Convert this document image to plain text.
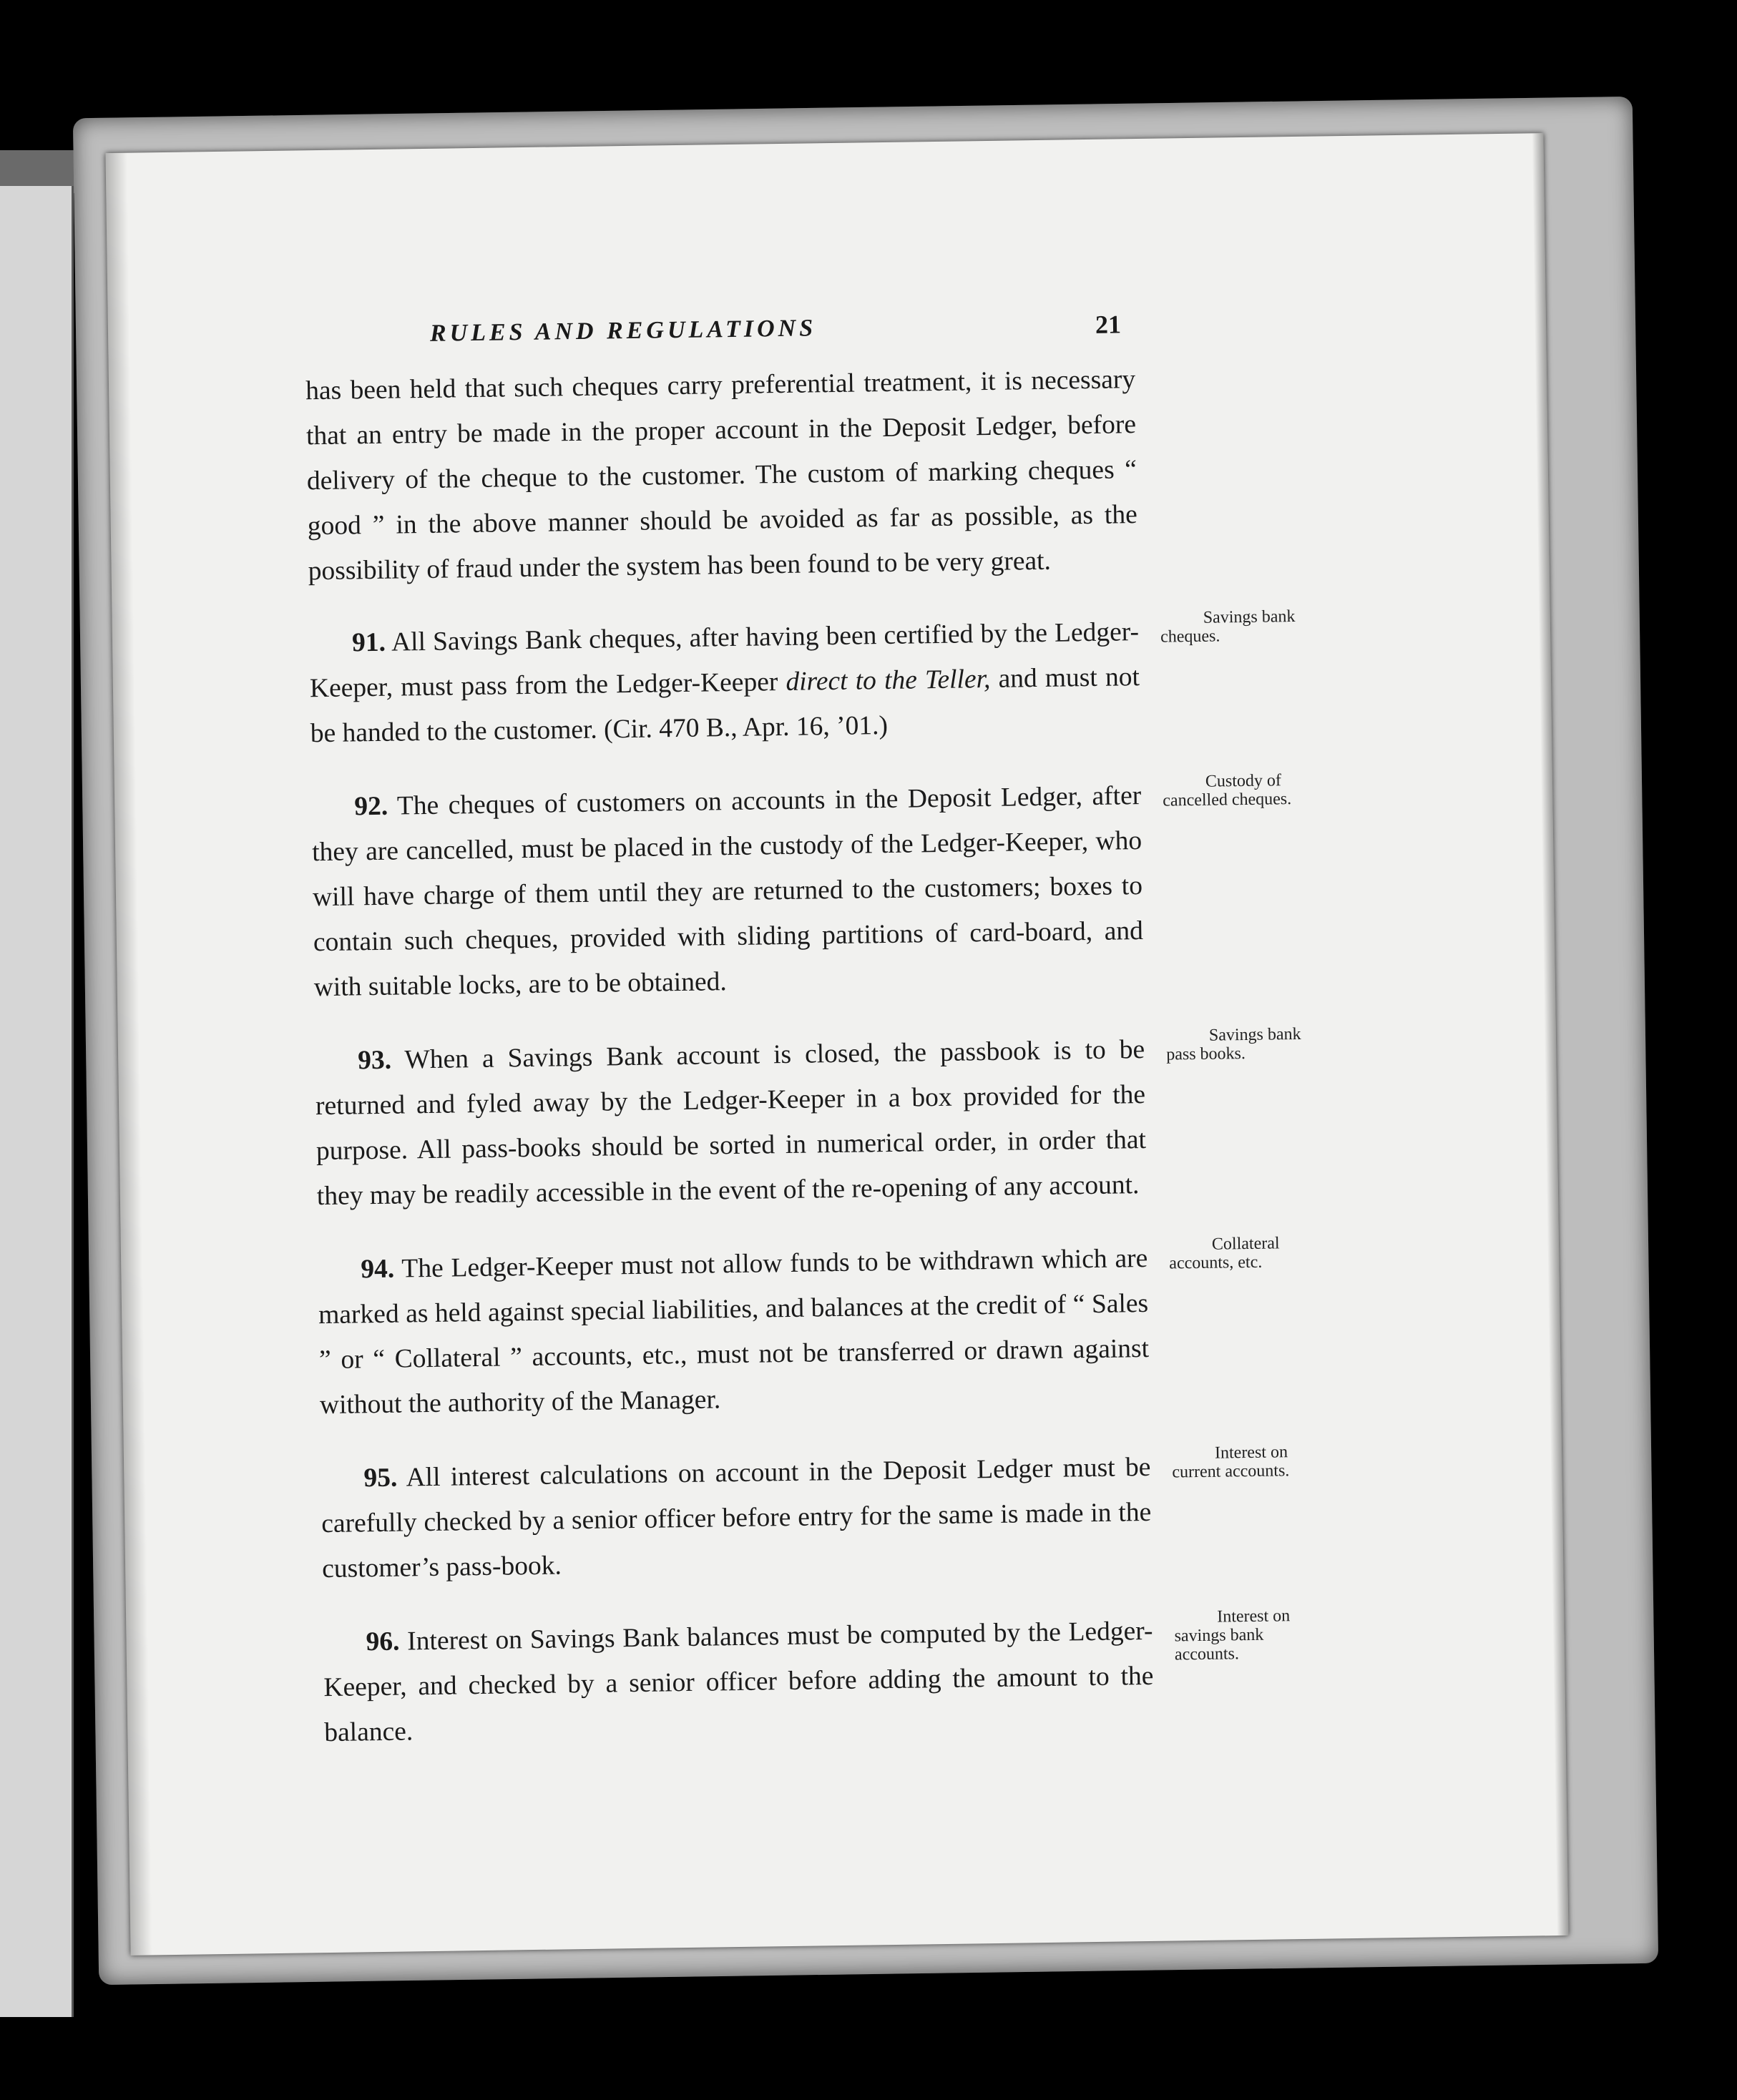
RULES AND REGULATIONS	21

has been held that such cheques carry preferential treatment, it is necessary that an entry be made in the proper account in the Deposit Ledger, before delivery of the cheque to the customer. The custom of marking cheques “ good ” in the above manner should be avoided as far as possible, as the possibility of fraud under the system has been found to be very great.

91. All Savings Bank cheques, after having been certified by the Ledger-Keeper, must pass from the Ledger-Keeper direct to the Teller, and must not be handed to the customer. (Cir. 470 B., Apr. 16, ’01.)
Savings bank cheques.

92. The cheques of customers on accounts in the Deposit Ledger, after they are cancelled, must be placed in the custody of the Ledger-Keeper, who will have charge of them until they are returned to the customers; boxes to contain such cheques, provided with sliding partitions of card-board, and with suitable locks, are to be obtained.
Custody of cancelled cheques.

93. When a Savings Bank account is closed, the passbook is to be returned and fyled away by the Ledger-Keeper in a box provided for the purpose. All pass-books should be sorted in numerical order, in order that they may be readily accessible in the event of the re-opening of any account.
Savings bank pass books.

94. The Ledger-Keeper must not allow funds to be withdrawn which are marked as held against special liabilities, and balances at the credit of “ Sales ” or “ Collateral ” accounts, etc., must not be transferred or drawn against without the authority of the Manager.
Collateral accounts, etc.

95. All interest calculations on account in the Deposit Ledger must be carefully checked by a senior officer before entry for the same is made in the customer’s pass-book.
Interest on current accounts.

96. Interest on Savings Bank balances must be computed by the Ledger-Keeper, and checked by a senior officer before adding the amount to the balance.
Interest on savings bank accounts.
